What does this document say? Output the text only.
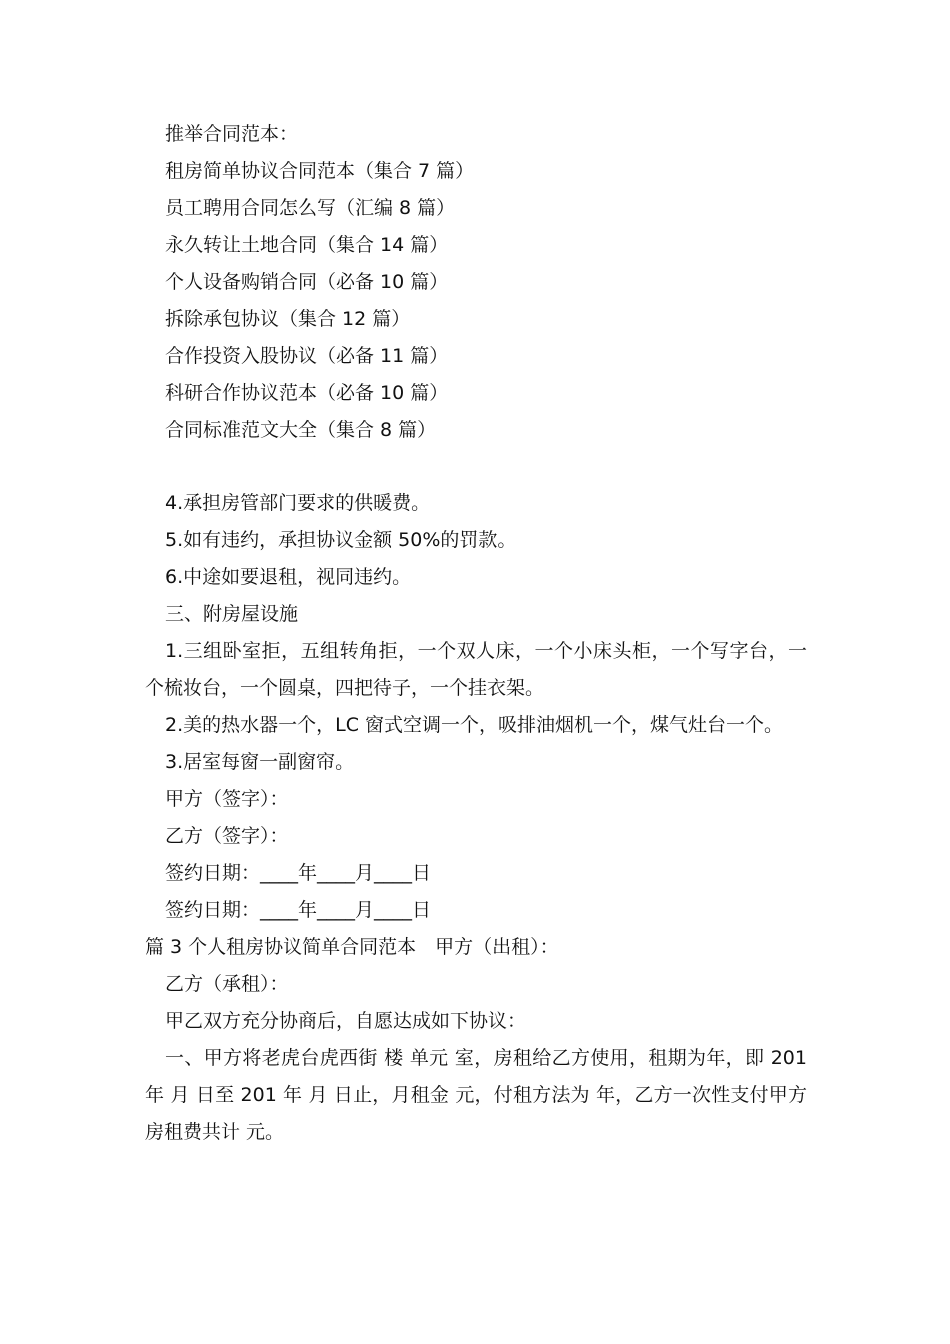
推举合同范本：
租房简单协议合同范本（集合 7 篇）
员工聘用合同怎么写（汇编 8 篇）
永久转让土地合同（集合 14 篇）
个人设备购销合同（必备 10 篇）
拆除承包协议（集合 12 篇）
合作投资入股协议（必备 11 篇）
科研合作协议范本（必备 10 篇）
合同标准范文大全（集合 8 篇）
4.承担房管部门要求的供暖费。
5.如有违约，承担协议金额 50%的罚款。
6.中途如要退租，视同违约。
三、附房屋设施

1.三组卧室拒，五组转角拒，一个双人床，一个小床头柜，一个写字台，一个梳妆台，一个圆桌，四把待子，一个挂衣架。

2.美的热水器一个，LC 窗式空调一个，吸排油烟机一个，煤气灶台一个。

3.居室每窗一副窗帘。
甲方（签字）：
乙方（签字）：
签约日期：____年____月____日
签约日期：____年____月____日
篇 3 个人租房协议简单合同范本　甲方（出租）：
乙方（承租）：
甲乙双方充分协商后，自愿达成如下协议：

一、甲方将老虎台虎西街 楼 单元 室，房租给乙方使用，租期为年，即 201 年 月 日至 201 年 月 日止，月租金 元，付租方法为 年，乙方一次性支付甲方房租费共计 元。
